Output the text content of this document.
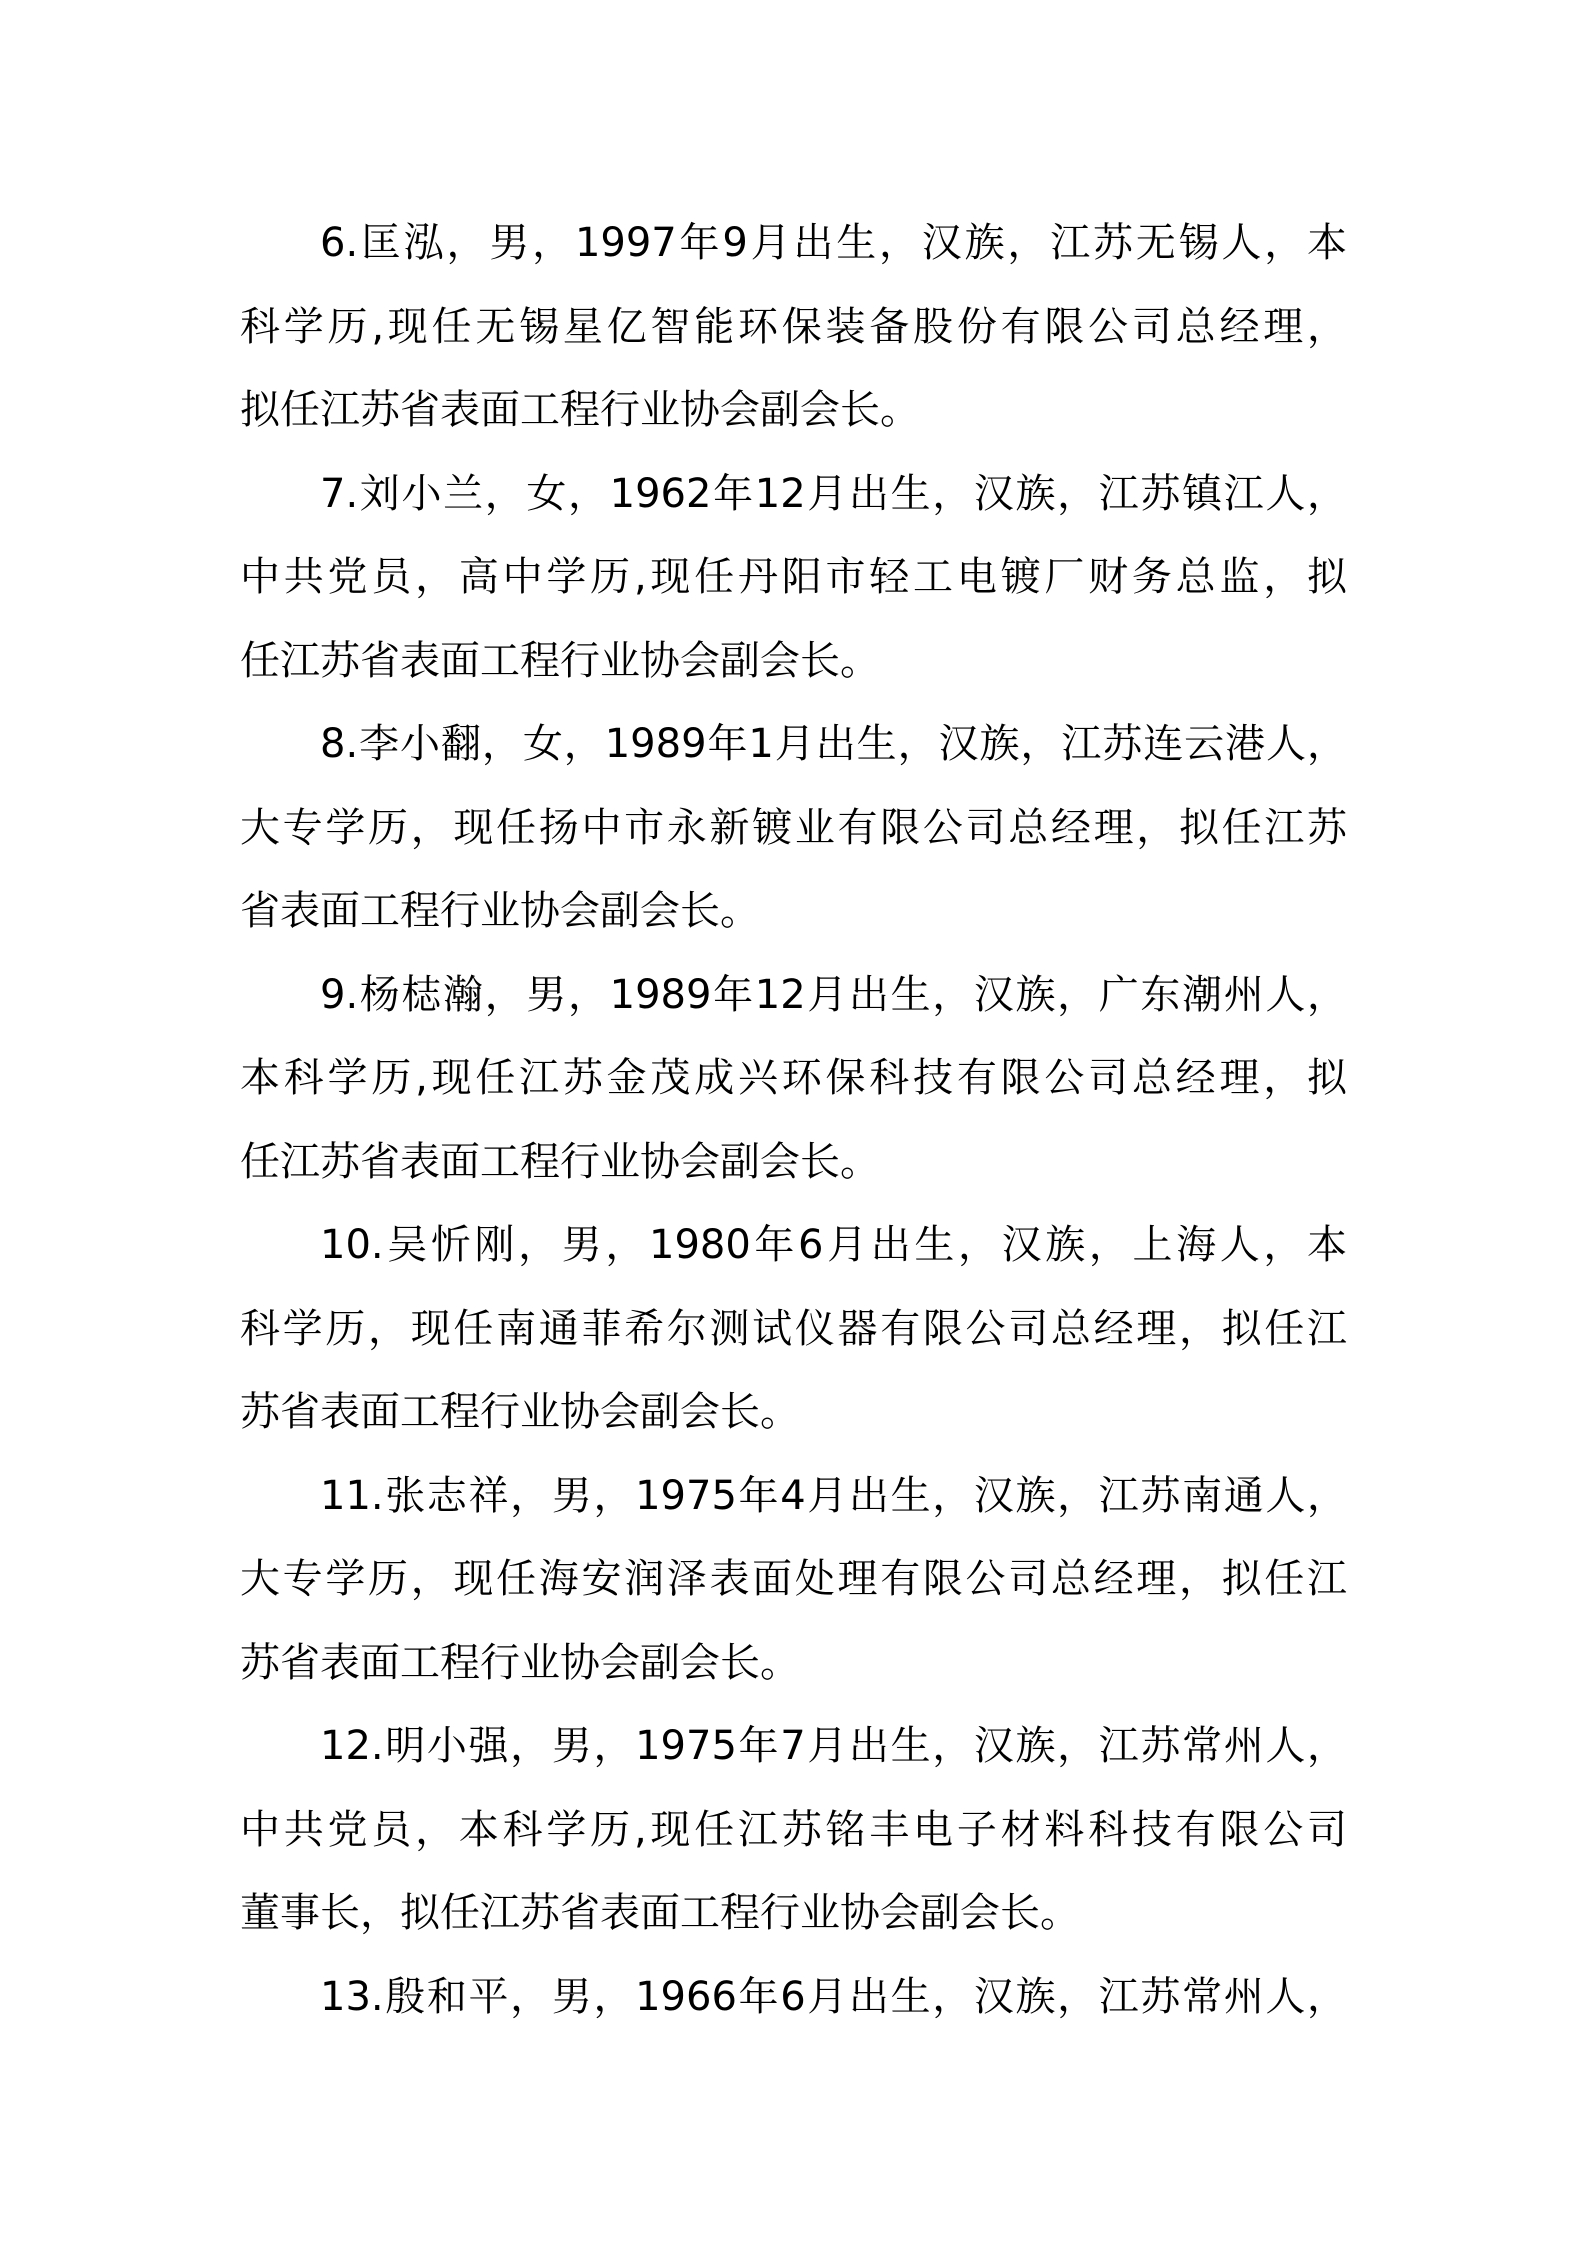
6.匡泓，男，1997年9月出生，汉族，江苏无锡人，本
科学历,现任无锡星亿智能环保装备股份有限公司总经理，
拟任江苏省表面工程行业协会副会长。
7.刘小兰，女，1962年12月出生，汉族，江苏镇江人，
中共党员，高中学历,现任丹阳市轻工电镀厂财务总监，拟
任江苏省表面工程行业协会副会长。
8.李小翻，女，1989年1月出生，汉族，江苏连云港人，
大专学历，现任扬中市永新镀业有限公司总经理，拟任江苏
省表面工程行业协会副会长。
9.杨梽瀚，男，1989年12月出生，汉族，广东潮州人，
本科学历,现任江苏金茂成兴环保科技有限公司总经理，拟
任江苏省表面工程行业协会副会长。
10.吴忻刚，男，1980年6月出生，汉族，上海人，本
科学历，现任南通菲希尔测试仪器有限公司总经理，拟任江
苏省表面工程行业协会副会长。
11.张志祥，男，1975年4月出生，汉族，江苏南通人，
大专学历，现任海安润泽表面处理有限公司总经理，拟任江
苏省表面工程行业协会副会长。
12.明小强，男，1975年7月出生，汉族，江苏常州人，
中共党员，本科学历,现任江苏铭丰电子材料科技有限公司
董事长，拟任江苏省表面工程行业协会副会长。
13.殷和平，男，1966年6月出生，汉族，江苏常州人，
